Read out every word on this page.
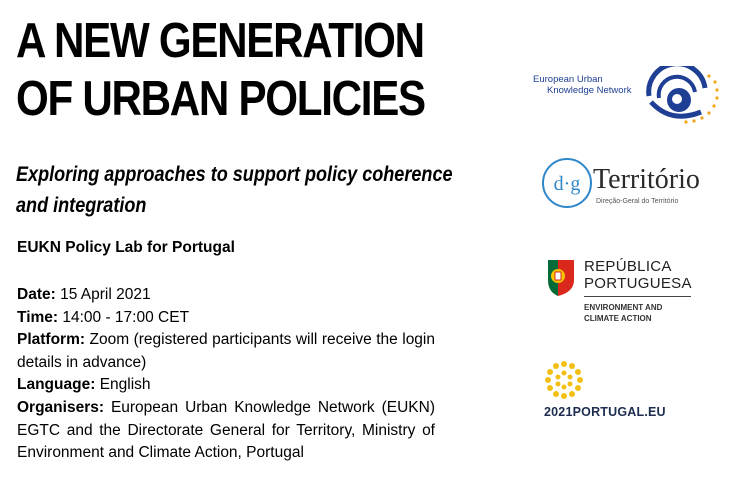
A NEW GENERATION
OF URBAN POLICIES
Exploring approaches to support policy coherence
and integration
EUKN Policy Lab for Portugal

Date: 15 April 2021

Time: 14:00 - 17:00 CET

Platform: Zoom (registered participants will receive the login details in advance)

Language: English

Organisers: European Urban Knowledge Network (EUKN) EGTC and the Directorate General for Territory, Ministry of Environment and Climate Action, Portugal

European Urban
Knowledge Network
d·g Território
Direção-Geral do Território
REPÚBLICA
PORTUGUESA
ENVIRONMENT AND
CLIMATE ACTION
2021PORTUGAL.EU
